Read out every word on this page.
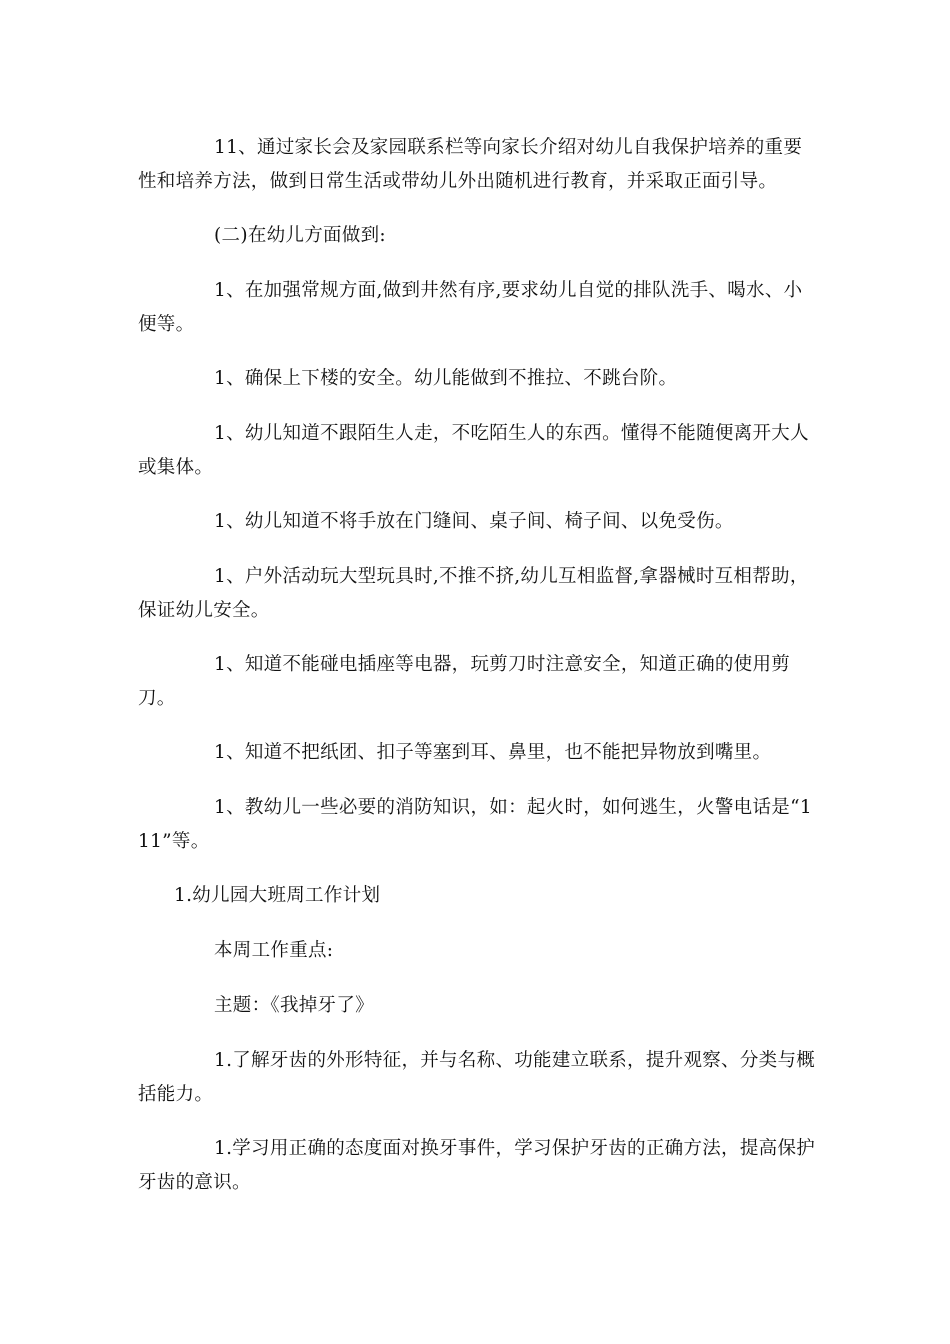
11、通过家长会及家园联系栏等向家长介绍对幼儿自我保护培养的重要性和培养方法，做到日常生活或带幼儿外出随机进行教育，并采取正面引导。

(二)在幼儿方面做到:

1、在加强常规方面,做到井然有序,要求幼儿自觉的排队洗手、喝水、小便等。

1、确保上下楼的安全。幼儿能做到不推拉、不跳台阶。

1、幼儿知道不跟陌生人走，不吃陌生人的东西。懂得不能随便离开大人或集体。

1、幼儿知道不将手放在门缝间、桌子间、椅子间、以免受伤。

1、户外活动玩大型玩具时,不推不挤,幼儿互相监督,拿器械时互相帮助，保证幼儿安全。

1、知道不能碰电插座等电器，玩剪刀时注意安全，知道正确的使用剪刀。

1、知道不把纸团、扣子等塞到耳、鼻里，也不能把异物放到嘴里。

1、教幼儿一些必要的消防知识，如：起火时，如何逃生，火警电话是“111”等。

1.幼儿园大班周工作计划

本周工作重点:

主题：《我掉牙了》

1.了解牙齿的外形特征，并与名称、功能建立联系，提升观察、分类与概括能力。

1.学习用正确的态度面对换牙事件，学习保护牙齿的正确方法，提高保护牙齿的意识。
